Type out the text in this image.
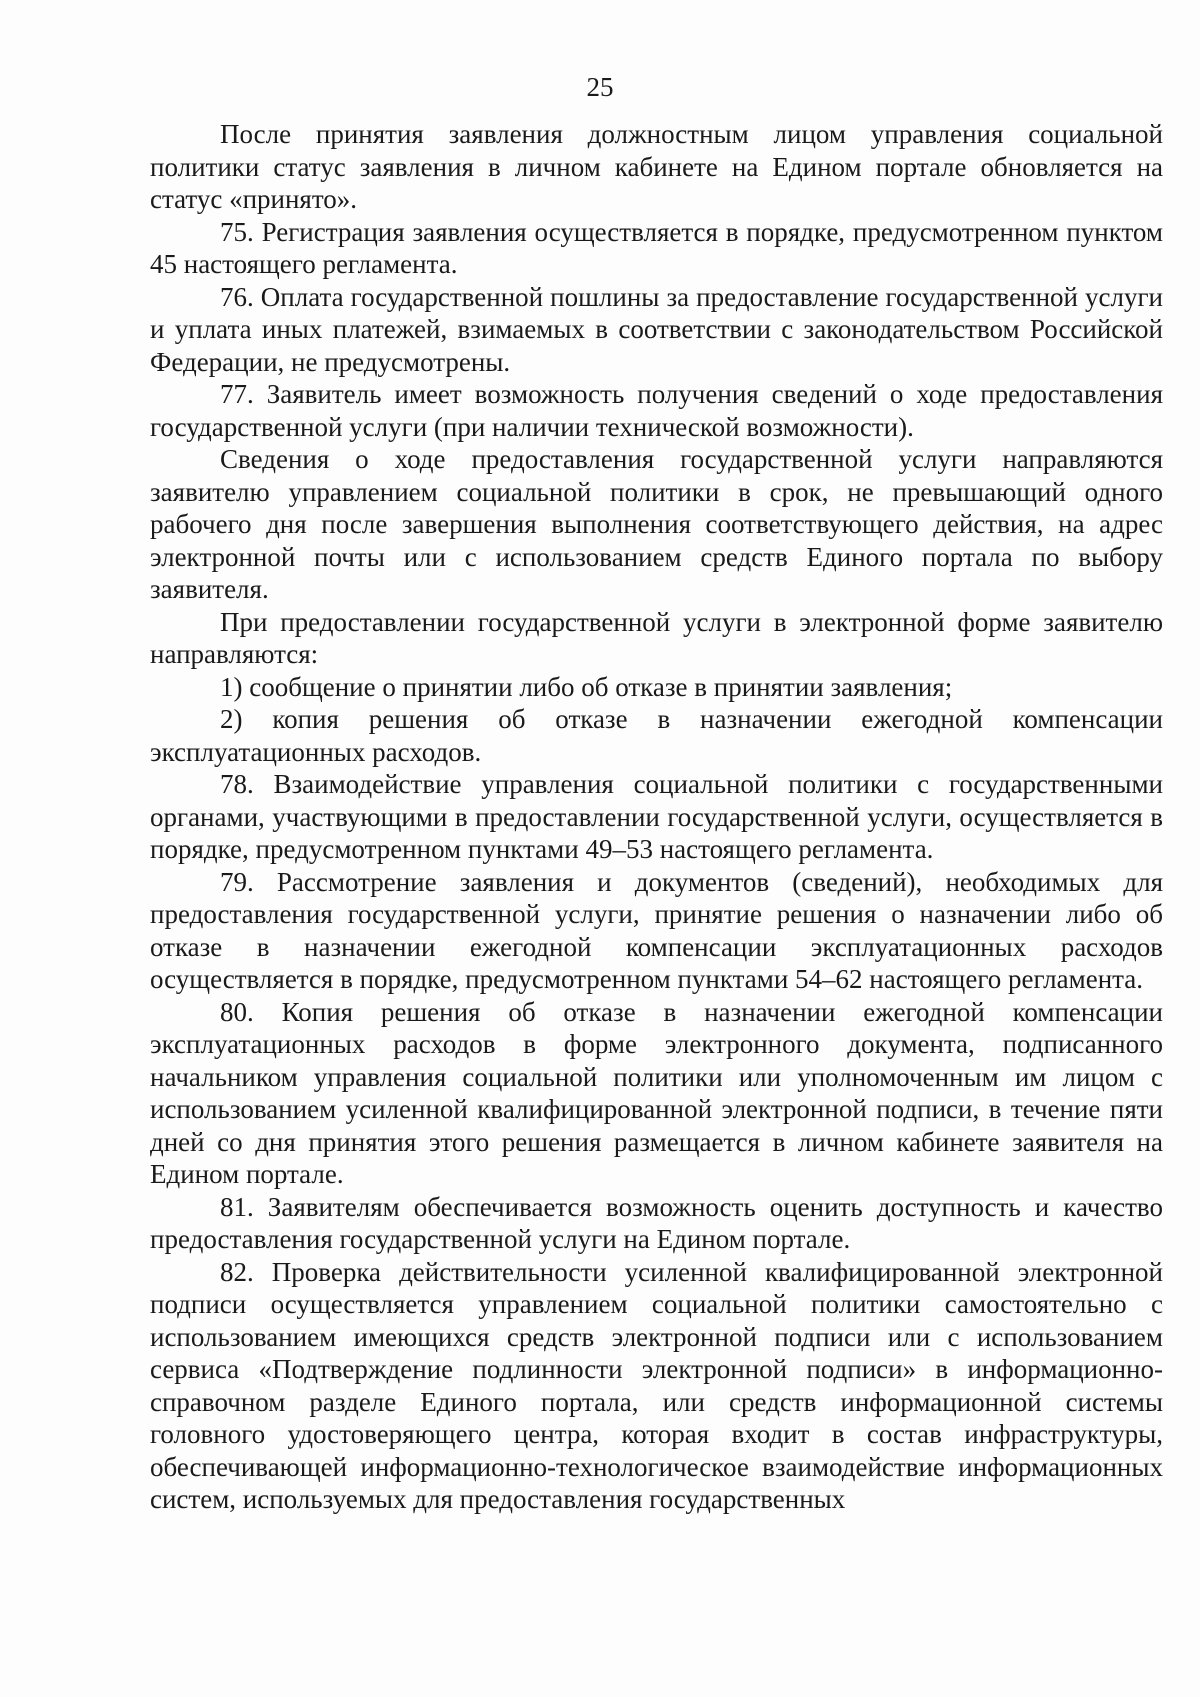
25

После принятия заявления должностным лицом управления социальной политики статус заявления в личном кабинете на Едином портале обновляется на статус «принято».

75. Регистрация заявления осуществляется в порядке, предусмотренном пунктом 45 настоящего регламента.

76. Оплата государственной пошлины за предоставление государственной услуги и уплата иных платежей, взимаемых в соответствии с законодательством Российской Федерации, не предусмотрены.

77. Заявитель имеет возможность получения сведений о ходе предоставления государственной услуги (при наличии технической возможности).

Сведения о ходе предоставления государственной услуги направляются заявителю управлением социальной политики в срок, не превышающий одного рабочего дня после завершения выполнения соответствующего действия, на адрес электронной почты или с использованием средств Единого портала по выбору заявителя.

При предоставлении государственной услуги в электронной форме заявителю направляются:

1) сообщение о принятии либо об отказе в принятии заявления;

2) копия решения об отказе в назначении ежегодной компенсации эксплуатационных расходов.

78. Взаимодействие управления социальной политики с государственными органами, участвующими в предоставлении государственной услуги, осуществляется в порядке, предусмотренном пунктами 49–53 настоящего регламента.

79. Рассмотрение заявления и документов (сведений), необходимых для предоставления государственной услуги, принятие решения о назначении либо об отказе в назначении ежегодной компенсации эксплуатационных расходов осуществляется в порядке, предусмотренном пунктами 54–62 настоящего регламента.

80. Копия решения об отказе в назначении ежегодной компенсации эксплуатационных расходов в форме электронного документа, подписанного начальником управления социальной политики или уполномоченным им лицом с использованием усиленной квалифицированной электронной подписи, в течение пяти дней со дня принятия этого решения размещается в личном кабинете заявителя на Едином портале.

81. Заявителям обеспечивается возможность оценить доступность и качество предоставления государственной услуги на Едином портале.

82. Проверка действительности усиленной квалифицированной электронной подписи осуществляется управлением социальной политики самостоятельно с использованием имеющихся средств электронной подписи или с использованием сервиса «Подтверждение подлинности электронной подписи» в информационно-справочном разделе Единого портала, или средств информационной системы головного удостоверяющего центра, которая входит в состав инфраструктуры, обеспечивающей информационно-технологическое взаимодействие информационных систем, используемых для предоставления государственных
